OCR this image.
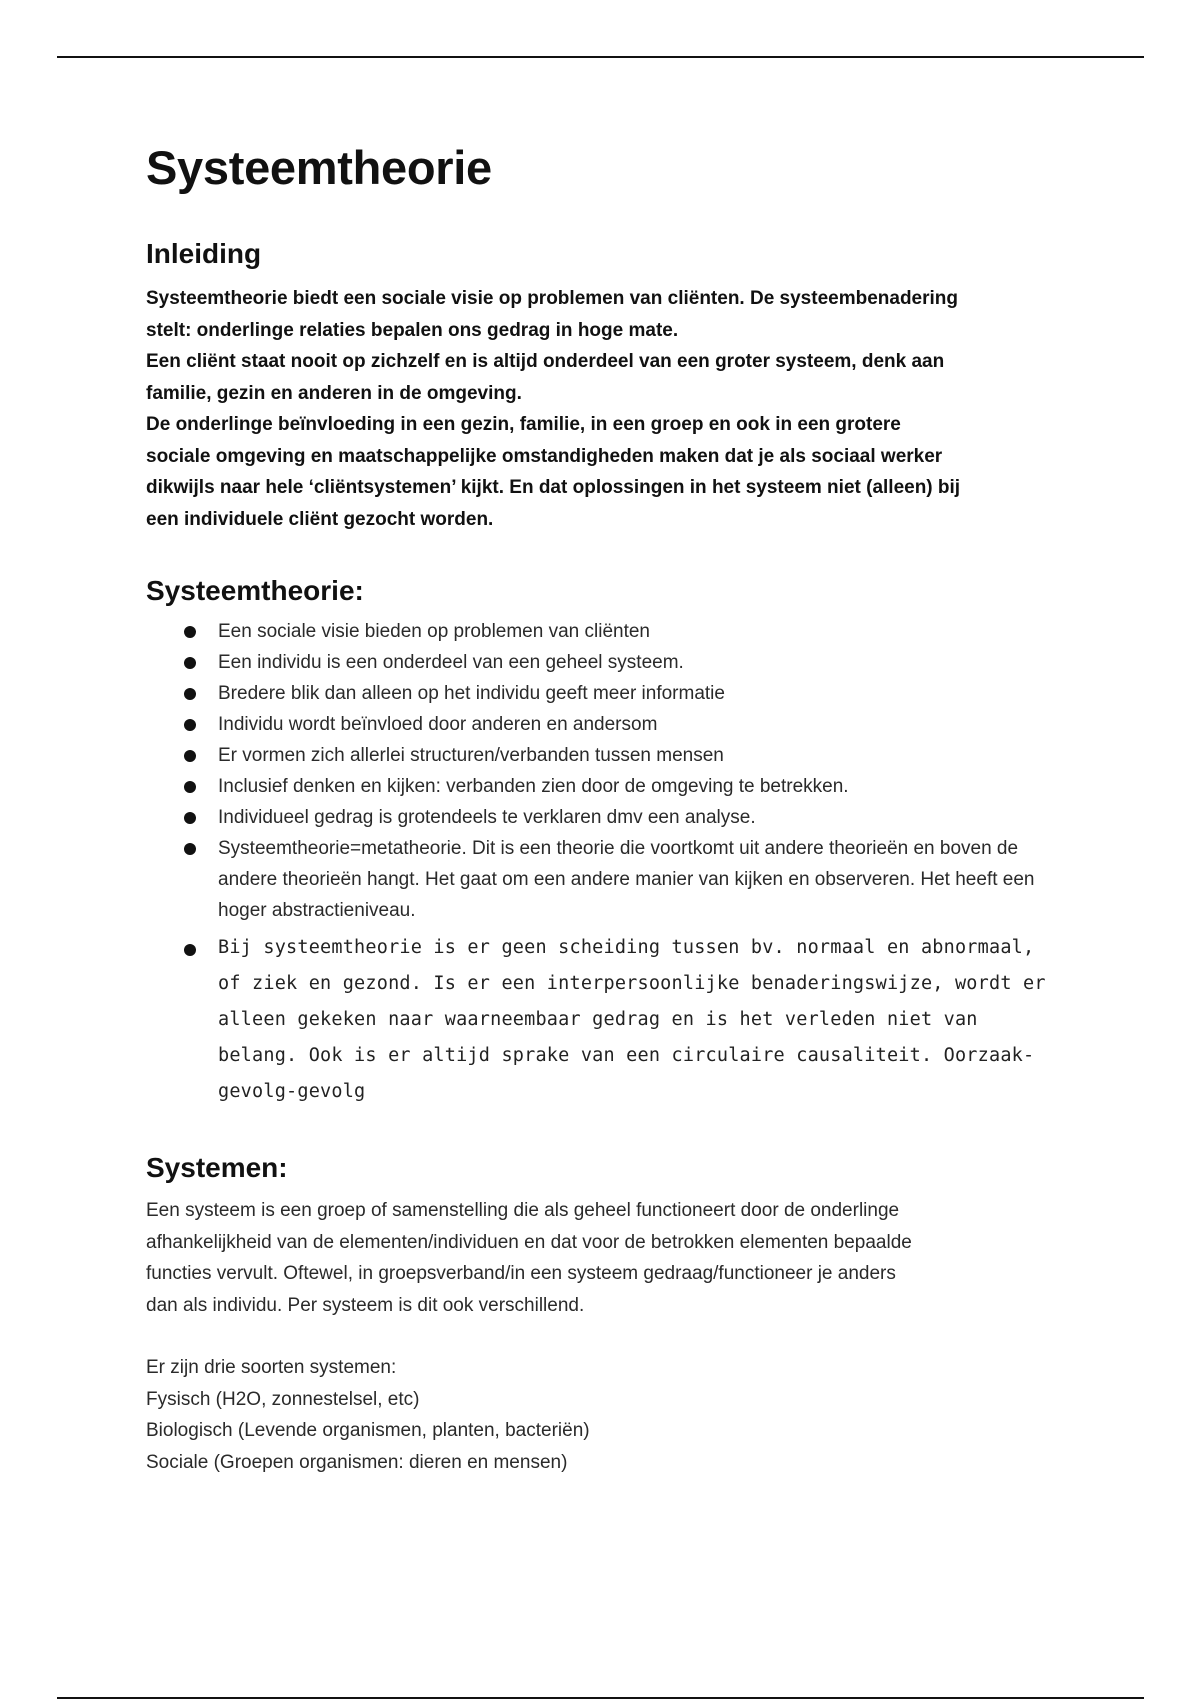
Systeemtheorie
Inleiding

Systeemtheorie biedt een sociale visie op problemen van cliënten. De systeembenadering

stelt: onderlinge relaties bepalen ons gedrag in hoge mate.

Een cliënt staat nooit op zichzelf en is altijd onderdeel van een groter systeem, denk aan

familie, gezin en anderen in de omgeving.

De onderlinge beïnvloeding in een gezin, familie, in een groep en ook in een grotere

sociale omgeving en maatschappelijke omstandigheden maken dat je als sociaal werker

dikwijls naar hele ‘cliëntsystemen’ kijkt. En dat oplossingen in het systeem niet (alleen) bij

een individuele cliënt gezocht worden.

Systeemtheorie:
Een sociale visie bieden op problemen van cliënten
Een individu is een onderdeel van een geheel systeem.
Bredere blik dan alleen op het individu geeft meer informatie
Individu wordt beïnvloed door anderen en andersom
Er vormen zich allerlei structuren/verbanden tussen mensen
Inclusief denken en kijken: verbanden zien door de omgeving te betrekken.
Individueel gedrag is grotendeels te verklaren dmv een analyse.
Systeemtheorie=metatheorie. Dit is een theorie die voortkomt uit andere theorieën en boven de andere theorieën hangt. Het gaat om een andere manier van kijken en observeren. Het heeft een hoger abstractieniveau.
Bij systeemtheorie is er geen scheiding tussen bv. normaal en abnormaal, of ziek en gezond. Is er een interpersoonlijke benaderingswijze, wordt er alleen gekeken naar waarneembaar gedrag en is het verleden niet van belang. Ook is er altijd sprake van een circulaire causaliteit. Oorzaak-gevolg-gevolg
Systemen:

Een systeem is een groep of samenstelling die als geheel functioneert door de onderlinge

afhankelijkheid van de elementen/individuen en dat voor de betrokken elementen bepaalde

functies vervult. Oftewel, in groepsverband/in een systeem gedraag/functioneer je anders

dan als individu. Per systeem is dit ook verschillend.

Er zijn drie soorten systemen:

Fysisch (H2O, zonnestelsel, etc)

Biologisch (Levende organismen, planten, bacteriën)

Sociale (Groepen organismen: dieren en mensen)
